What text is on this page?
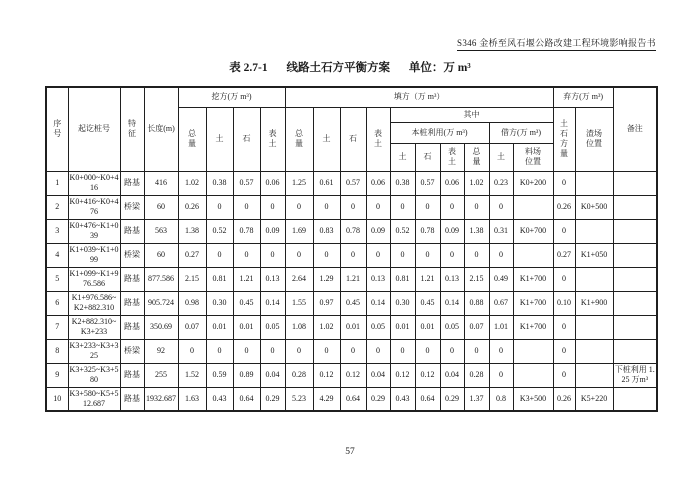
S346 金桥至风石堰公路改建工程环境影响报告书
表 2.7-1 线路土石方平衡方案 单位：万 m³
序号	起讫桩号	特征	长度(m)	挖方(万 m³)				填方（万 m³）										弃方(万 m³)		备注
				总量	土	石	表土	总量	土	石	表土	其中						土石方量	渣场位置	
												本桩利用(万 m³)				借方(万 m³)				
												土	石	表土	总量	土	料场位置			
1	K0+000~K0+416	路基	416	1.02	0.38	0.57	0.06	1.25	0.61	0.57	0.06	0.38	0.57	0.06	1.02	0.23	K0+200	0		
2	K0+416~K0+476	桥梁	60	0.26	0	0	0	0	0	0	0	0	0	0	0	0		0.26	K0+500	
3	K0+476~K1+039	路基	563	1.38	0.52	0.78	0.09	1.69	0.83	0.78	0.09	0.52	0.78	0.09	1.38	0.31	K0+700	0		
4	K1+039~K1+099	桥梁	60	0.27	0	0	0	0	0	0	0	0	0	0	0	0		0.27	K1+050	
5	K1+099~K1+976.586	路基	877.586	2.15	0.81	1.21	0.13	2.64	1.29	1.21	0.13	0.81	1.21	0.13	2.15	0.49	K1+700	0		
6	K1+976.586~K2+882.310	路基	905.724	0.98	0.30	0.45	0.14	1.55	0.97	0.45	0.14	0.30	0.45	0.14	0.88	0.67	K1+700	0.10	K1+900	
7	K2+882.310~K3+233	路基	350.69	0.07	0.01	0.01	0.05	1.08	1.02	0.01	0.05	0.01	0.01	0.05	0.07	1.01	K1+700	0		
8	K3+233~K3+325	桥梁	92	0	0	0	0	0	0	0	0	0	0	0	0	0		0		
9	K3+325~K3+580	路基	255	1.52	0.59	0.89	0.04	0.28	0.12	0.12	0.04	0.12	0.12	0.04	0.28	0		0		下桩利用 1.25 万m³
10	K3+580~K5+512.687	路基	1932.687	1.63	0.43	0.64	0.29	5.23	4.29	0.64	0.29	0.43	0.64	0.29	1.37	0.8	K3+500	0.26	K5+220	
57
